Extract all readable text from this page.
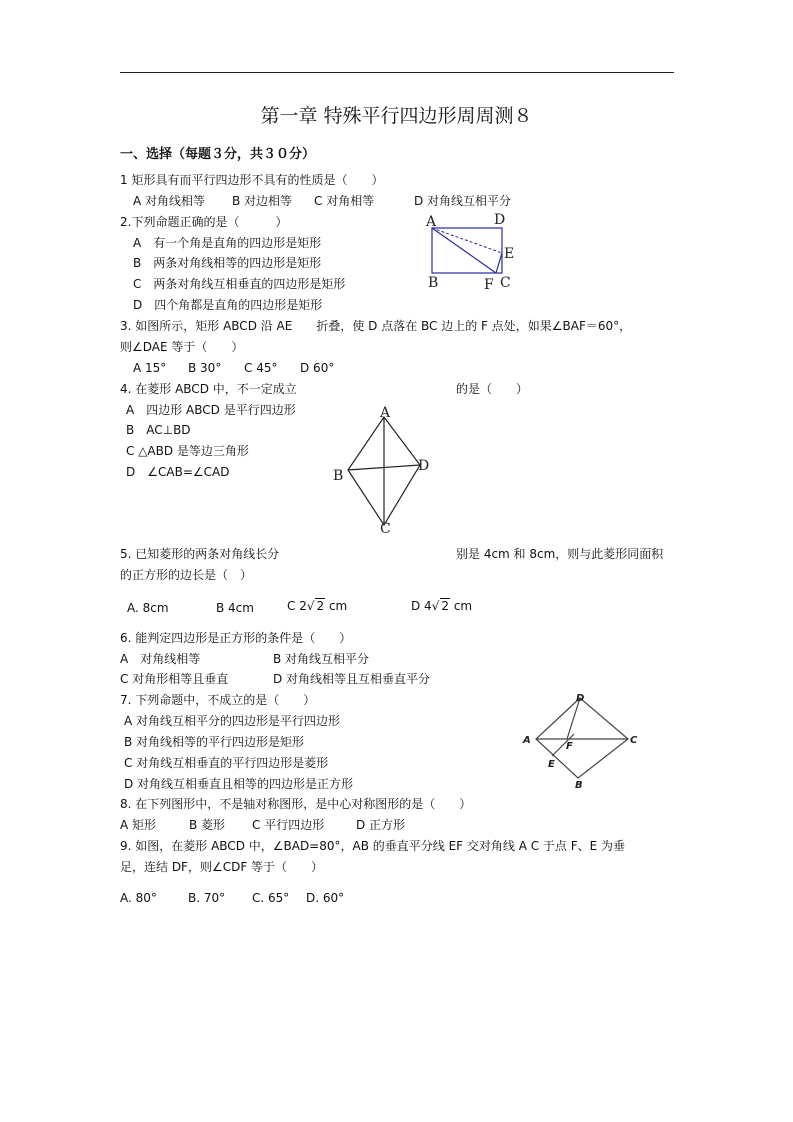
第一章 特殊平行四边形周周测８
一、选择（每题３分，共３０分）
1 矩形具有而平行四边形不具有的性质是（　　）
A 对角线相等 B 对边相等 C 对角相等	D 对角线互相平分
2.下列命题正确的是（　　　）
A　有一个角是直角的四边形是矩形
B　两条对角线相等的四边形是矩形
C　两条对角线互相垂直的四边形是矩形
D　四个角都是直角的四边形是矩形
A	D
E
B	F C
3. 如图所示，矩形 ABCD 沿 AE　　折叠，使 D 点落在 BC 边上的 F 点处，如果∠BAF＝60°，
则∠DAE 等于（　　）
A 15° B 30° C 45° D 60°
4. 在菱形 ABCD 中，不一定成立	的是（　　）
A　四边形 ABCD 是平行四边形
B　AC⊥BD
C △ABD 是等边三角形
D　∠CAB=∠CAD
A
B
D
C
5. 已知菱形的两条对角线长分	别是 4cm 和 8cm，则与此菱形同面积
的正方形的边长是（　）
A. 8cm	B 4cm	C 2√ 2 cm	D 4√ 2 cm
6. 能判定四边形是正方形的条件是（　　）
A　对角线相等	B 对角线互相平分
C 对角形相等且垂直	D 对角线相等且互相垂直平分
7. 下列命题中，不成立的是（　　）
A 对角线互相平分的四边形是平行四边形
B 对角线相等的平行四边形是矩形
C 对角线互相垂直的平行四边形是菱形
D 对角线互相垂直且相等的四边形是正方形
D
A
F
C
E
B
8. 在下列图形中，不是轴对称图形，是中心对称图形的是（　　）
A 矩形	B 菱形 C 平行四边形	D 正方形
9. 如图，在菱形 ABCD 中，∠BAD=80°，AB 的垂直平分线 EF 交对角线 A C 于点 F、E 为垂
足，连结 DF，则∠CDF 等于（　　）
A. 80°	B. 70° C. 65° D. 60°
